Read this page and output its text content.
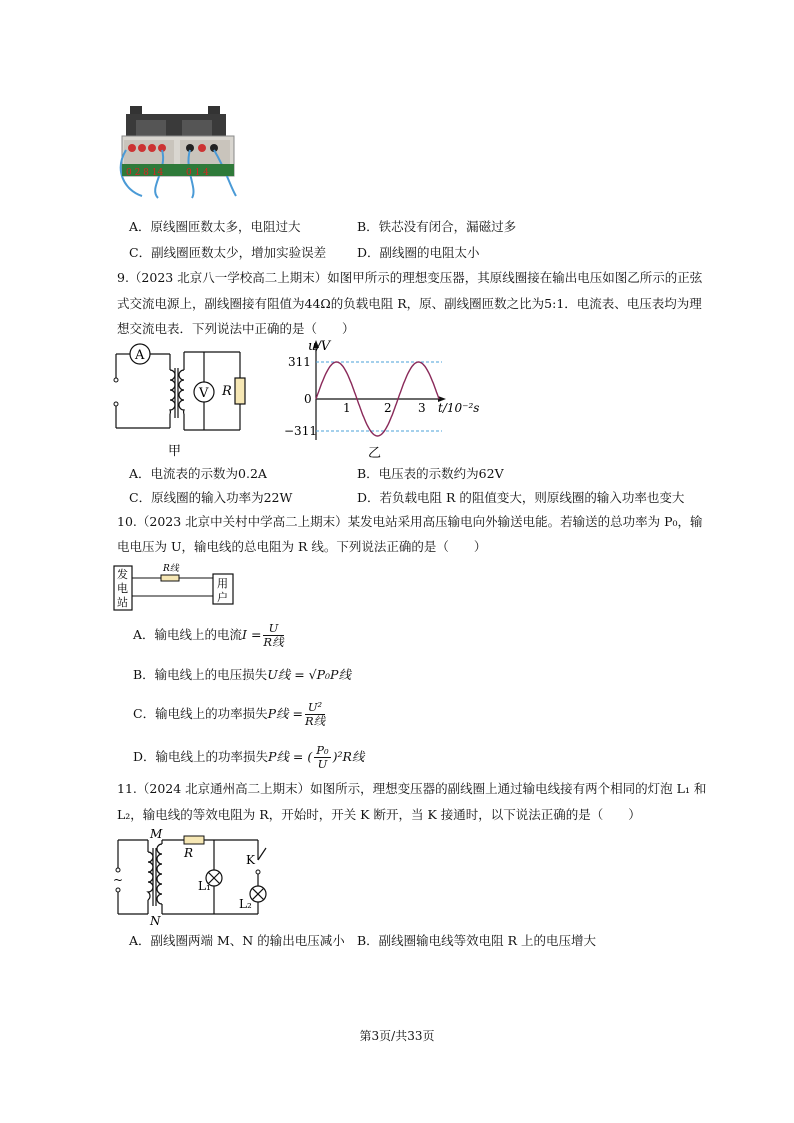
0 2 8 14	0 1 4
A．原线圈匝数太多，电阻过大	B．铁芯没有闭合，漏磁过多
C．副线圈匝数太少，增加实验误差 D．副线圈的电阻太小
9.（2023 北京八一学校高二上期末）如图甲所示的理想变压器，其原线圈接在输出电压如图乙所示的正弦
式交流电源上，副线圈接有阻值为44Ω的负载电阻 R，原、副线圈匝数之比为5:1．电流表、电压表均为理
想交流电表．下列说法中正确的是（　　）
A
V R
甲
u/V
311
0
−311
1	2 3 t/10⁻²s
乙
A．电流表的示数为0.2A	B．电压表的示数约为62V
C．原线圈的输入功率为22W	D．若负载电阻 R 的阻值变大，则原线圈的输入功率也变大
10.（2023 北京中关村中学高二上期末）某发电站采用高压输电向外输送电能。若输送的总功率为 P₀，输
电电压为 U，输电线的总电阻为 R 线。下列说法正确的是（　　）
R线
发电站
用户
A．输电线上的电流$I = \frac{U}{\text{R线}}$
B．输电线上的电压损失U线 = √P₀P线
C．输电线上的功率损失P线 = $\frac{\text{U²}}{\text{R线}}$
D．输电线上的功率损失P线 = ( $\frac{\text{P₀}}{U} )^2R$线
11.（2024 北京通州高二上期末）如图所示，理想变压器的副线圈上通过输电线接有两个相同的灯泡 L₁ 和
L₂，输电线的等效电阻为 R，开始时，开关 K 断开，当 K 接通时，以下说法正确的是（　　）
~
M
N
R	K
L₁
L₂
A．副线圈两端 M、N 的输出电压减小 B．副线圈输电线等效电阻 R 上的电压增大
第3页/共33页
